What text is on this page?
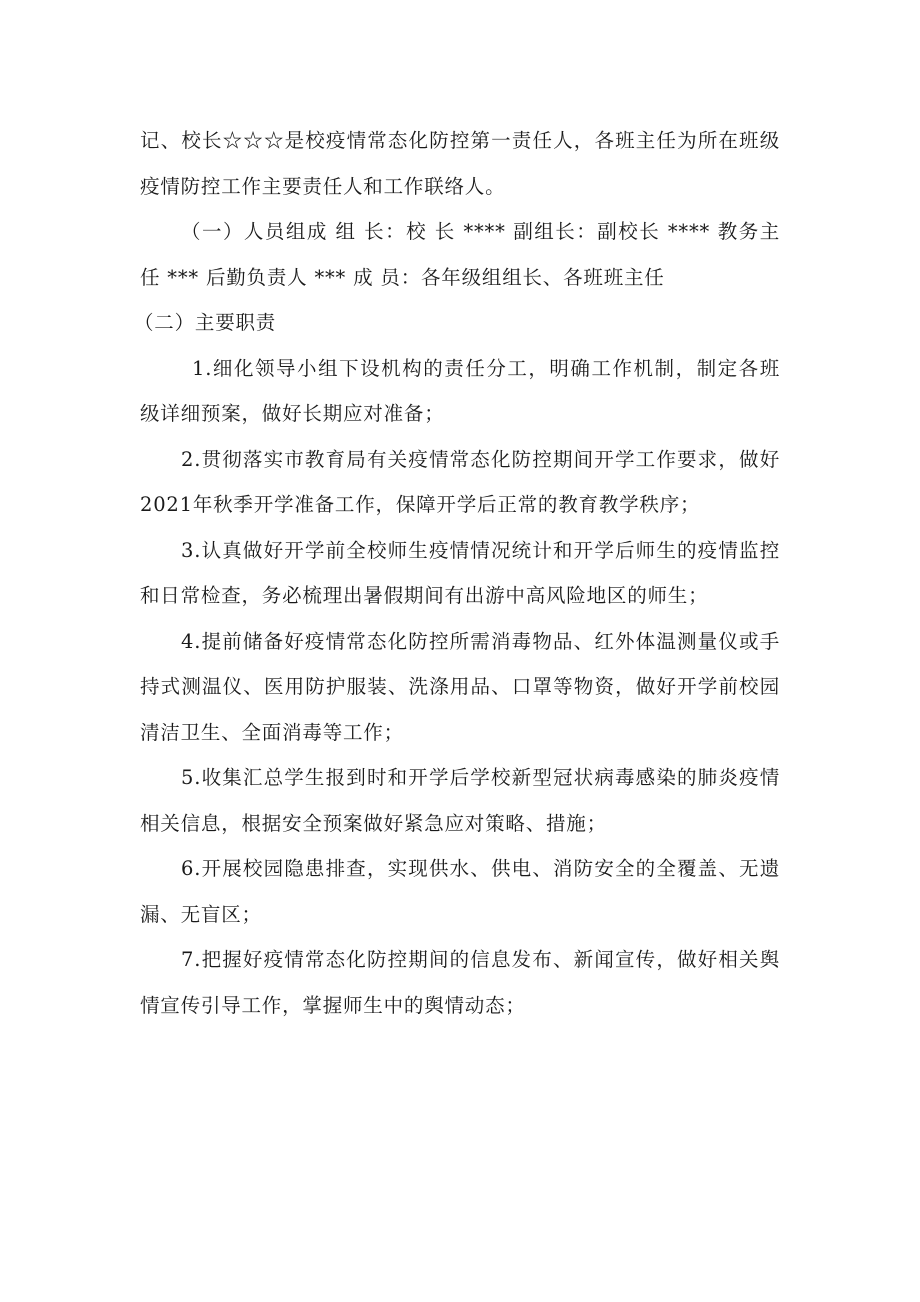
记、校长☆☆☆是校疫情常态化防控第一责任人，各班主任为所在班级疫情防控工作主要责任人和工作联络人。

（一）人员组成 组 长：校 长 **** 副组长：副校长 **** 教务主任 *** 后勤负责人 *** 成 员：各年级组组长、各班班主任

（二）主要职责

1.细化领导小组下设机构的责任分工，明确工作机制，制定各班级详细预案，做好长期应对准备；

2.贯彻落实市教育局有关疫情常态化防控期间开学工作要求，做好2021年秋季开学准备工作，保障开学后正常的教育教学秩序；

3.认真做好开学前全校师生疫情情况统计和开学后师生的疫情监控和日常检查，务必梳理出暑假期间有出游中高风险地区的师生；

4.提前储备好疫情常态化防控所需消毒物品、红外体温测量仪或手持式测温仪、医用防护服装、洗涤用品、口罩等物资，做好开学前校园清洁卫生、全面消毒等工作；

5.收集汇总学生报到时和开学后学校新型冠状病毒感染的肺炎疫情相关信息，根据安全预案做好紧急应对策略、措施；

6.开展校园隐患排查，实现供水、供电、消防安全的全覆盖、无遗漏、无盲区；

7.把握好疫情常态化防控期间的信息发布、新闻宣传，做好相关舆情宣传引导工作，掌握师生中的舆情动态；
